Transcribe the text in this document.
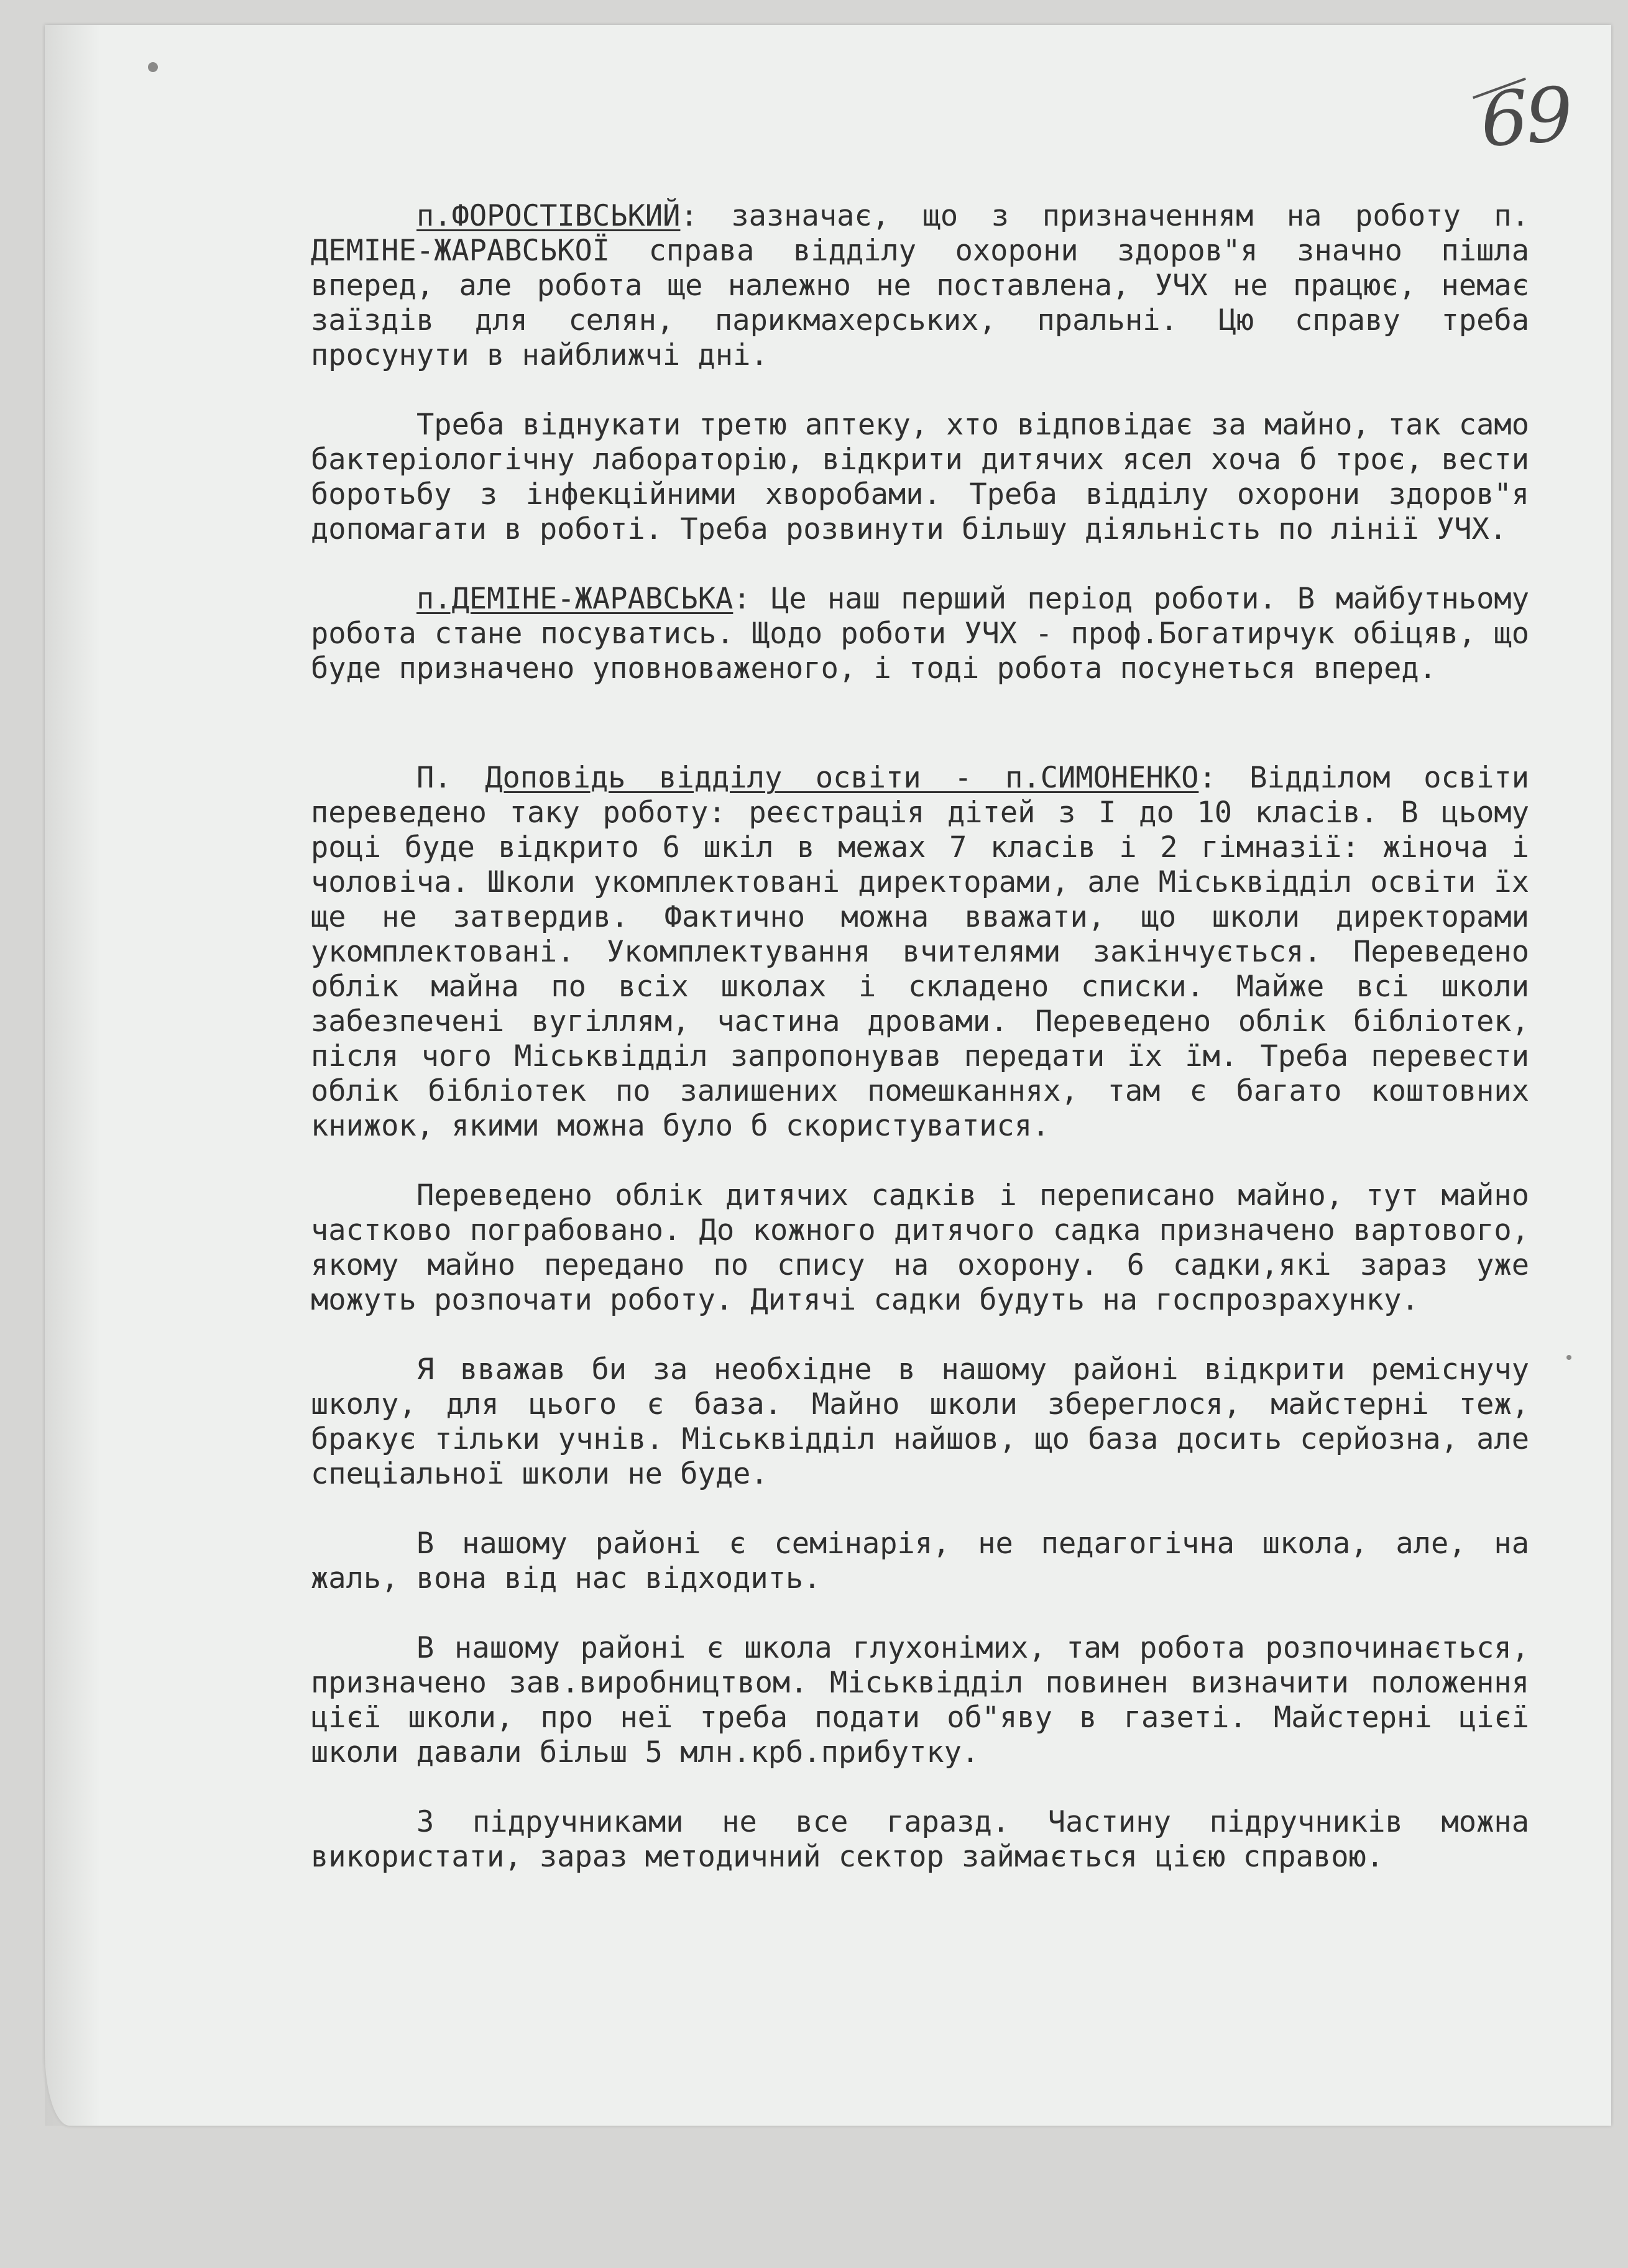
69

п.ФОРОСТІВСЬКИЙ: зазначає, що з призначенням на роботу п. ДЕМІНЕ-ЖАРАВСЬКОЇ справа відділу охорони здоров"я значно пішла вперед, але робота ще належно не поставлена, УЧХ не працює, немає заїздів для селян, парикмахерських, пральні. Цю справу треба просунути в найближчі дні.

Треба віднукати третю аптеку, хто відповідає за майно, так само бактеріологічну лабораторію, відкрити дитячих ясел хоча б троє, вести боротьбу з інфекційними хворобами. Треба відділу охорони здоров"я допомагати в роботі. Треба розвинути більшу діяльність по лінії УЧХ.

п.ДЕМІНЕ-ЖАРАВСЬКА: Це наш перший період роботи. В майбутньому робота стане посуватись. Щодо роботи УЧХ - проф.Богатирчук обіцяв, що буде призначено уповноваженого, і тоді робота посунеться вперед.

П. Доповідь відділу освіти - п.СИМОНЕНКО: Відділом освіти переведено таку роботу: реєстрація дітей з І до 10 класів. В цьому році буде відкрито 6 шкіл в межах 7 класів і 2 гімназії: жіноча і чоловіча. Школи укомплектовані директорами, але Міськвідділ освіти їх ще не затвердив. Фактично можна вважати, що школи директорами укомплектовані. Укомплектування вчителями закінчується. Переведено облік майна по всіх школах і складено списки. Майже всі школи забезпечені вугіллям, частина дровами. Переведено облік бібліотек, після чого Міськвідділ запропонував передати їх їм. Треба перевести облік бібліотек по залишених помешканнях, там є багато коштовних книжок, якими можна було б скористуватися.

Переведено облік дитячих садків і переписано майно, тут майно частково пограбовано. До кожного дитячого садка призначено вартового, якому майно передано по спису на охорону. 6 садки,які зараз уже можуть розпочати роботу. Дитячі садки будуть на госпрозрахунку.

Я вважав би за необхідне в нашому районі відкрити реміснучу школу, для цього є база. Майно школи збереглося, майстерні теж, бракує тільки учнів. Міськвідділ найшов, що база досить серйозна, але спеціальної школи не буде.

В нашому районі є семінарія, не педагогічна школа, але, на жаль, вона від нас відходить.

В нашому районі є школа глухонімих, там робота розпочинається, призначено зав.виробництвом. Міськвідділ повинен визначити положення цієї школи, про неї треба подати об"яву в газеті. Майстерні цієї школи давали більш 5 млн.крб.прибутку.

З підручниками не все гаразд. Частину підручників можна використати, зараз методичний сектор займається цією справою.
